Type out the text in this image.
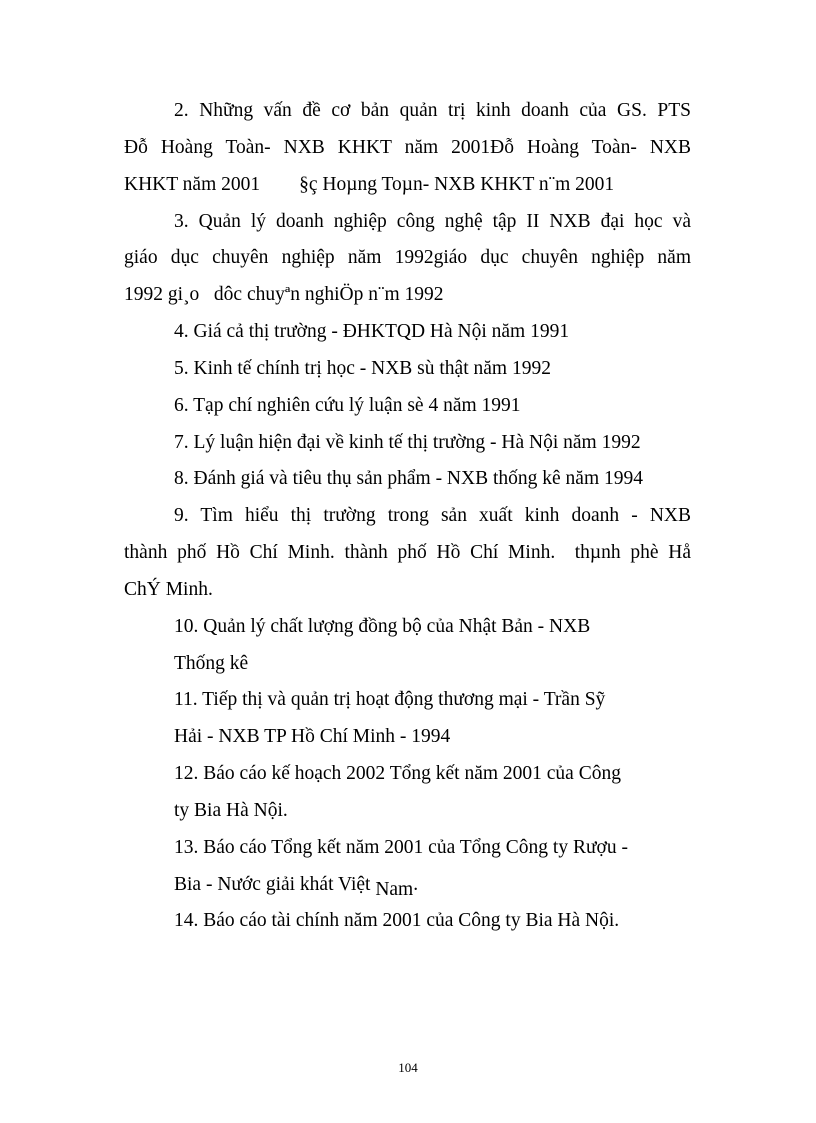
2. Những vấn đề cơ bản quản trị kinh doanh của GS. PTS
Đỗ Hoàng Toàn- NXB KHKT năm 2001Đỗ Hoàng Toàn- NXB
KHKT năm 2001        §ç Hoµng Toµn- NXB KHKT n¨m 2001
3. Quản lý doanh nghiệp công nghệ tập II NXB đại học và
giáo dục chuyên nghiệp năm 1992giáo dục chuyên nghiệp năm
1992 gi¸o   dôc chuyªn nghiÖp n¨m 1992
4. Giá cả thị trường - ĐHKTQD Hà Nội năm 1991
5. Kinh tế chính trị học - NXB sù thật năm 1992
6. Tạp chí nghiên cứu lý luận sè 4 năm 1991
7. Lý luận hiện đại về kinh tế thị trường - Hà Nội năm 1992
8. Đánh giá và tiêu thụ sản phẩm - NXB thống kê năm 1994
9. Tìm hiểu thị trường trong sản xuất kinh doanh - NXB
thành phố Hồ Chí Minh. thành phố Hồ Chí Minh.  thµnh phè Hå
ChÝ Minh.
10. Quản lý chất lượng đồng bộ của Nhật Bản - NXB
Thống kê
11. Tiếp thị và quản trị hoạt động thương mại - Trần Sỹ
Hải - NXB TP Hồ Chí Minh - 1994
12. Báo cáo kế hoạch 2002 Tổng kết năm 2001 của Công
ty Bia Hà Nội.
13. Báo cáo Tổng kết năm 2001 của Tổng Công ty Rượu -
Bia - Nước giải khát Việt Nam.
14. Báo cáo tài chính năm 2001 của Công ty Bia Hà Nội.
104
